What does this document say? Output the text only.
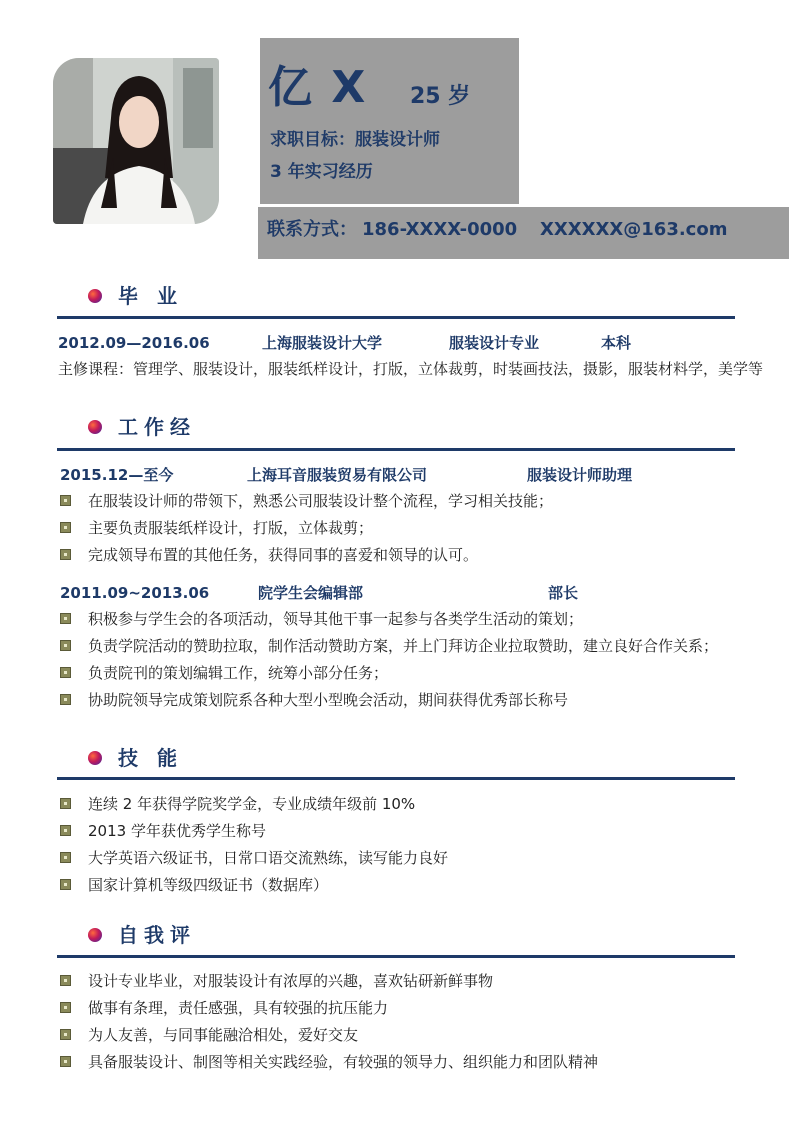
亿 X 25 岁
求职目标：服装设计师
3 年实习经历
联系方式： 186-XXXX-0000 XXXXXX@163.com
毕 业
2012.09—2016.06	上海服装设计大学	服装设计专业	本科
主修课程：管理学、服装设计，服装纸样设计，打版，立体裁剪，时装画技法，摄影，服装材料学，美学等
工作经
2015.12—至今	上海耳音服装贸易有限公司	服装设计师助理
在服装设计师的带领下，熟悉公司服装设计整个流程，学习相关技能；
主要负责服装纸样设计，打版，立体裁剪；
完成领导布置的其他任务，获得同事的喜爱和领导的认可。
2011.09~2013.06	院学生会编辑部	部长
积极参与学生会的各项活动，领导其他干事一起参与各类学生活动的策划；
负责学院活动的赞助拉取，制作活动赞助方案，并上门拜访企业拉取赞助，建立良好合作关系；
负责院刊的策划编辑工作，统筹小部分任务；
协助院领导完成策划院系各种大型小型晚会活动，期间获得优秀部长称号
技 能
连续 2 年获得学院奖学金，专业成绩年级前 10%
2013 学年获优秀学生称号
大学英语六级证书，日常口语交流熟练，读写能力良好
国家计算机等级四级证书（数据库）
自我评
设计专业毕业，对服装设计有浓厚的兴趣，喜欢钻研新鲜事物
做事有条理，责任感强，具有较强的抗压能力
为人友善，与同事能融洽相处，爱好交友
具备服装设计、制图等相关实践经验，有较强的领导力、组织能力和团队精神
